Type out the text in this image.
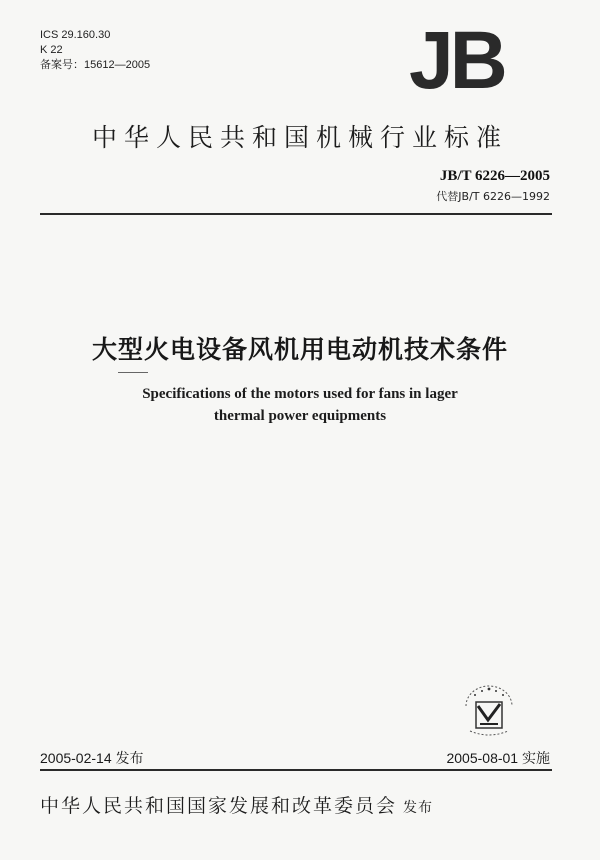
ICS 29.160.30
K 22
备案号：15612—2005	JB
中华人民共和国机械行业标准
JB/T 6226—2005
代替JB/T 6226—1992
大型火电设备风机用电动机技术条件
Specifications of the motors used for fans in lager
thermal power equipments
2005-02-14 发布	2005-08-01 实施
中华人民共和国国家发展和改革委员会 发布
